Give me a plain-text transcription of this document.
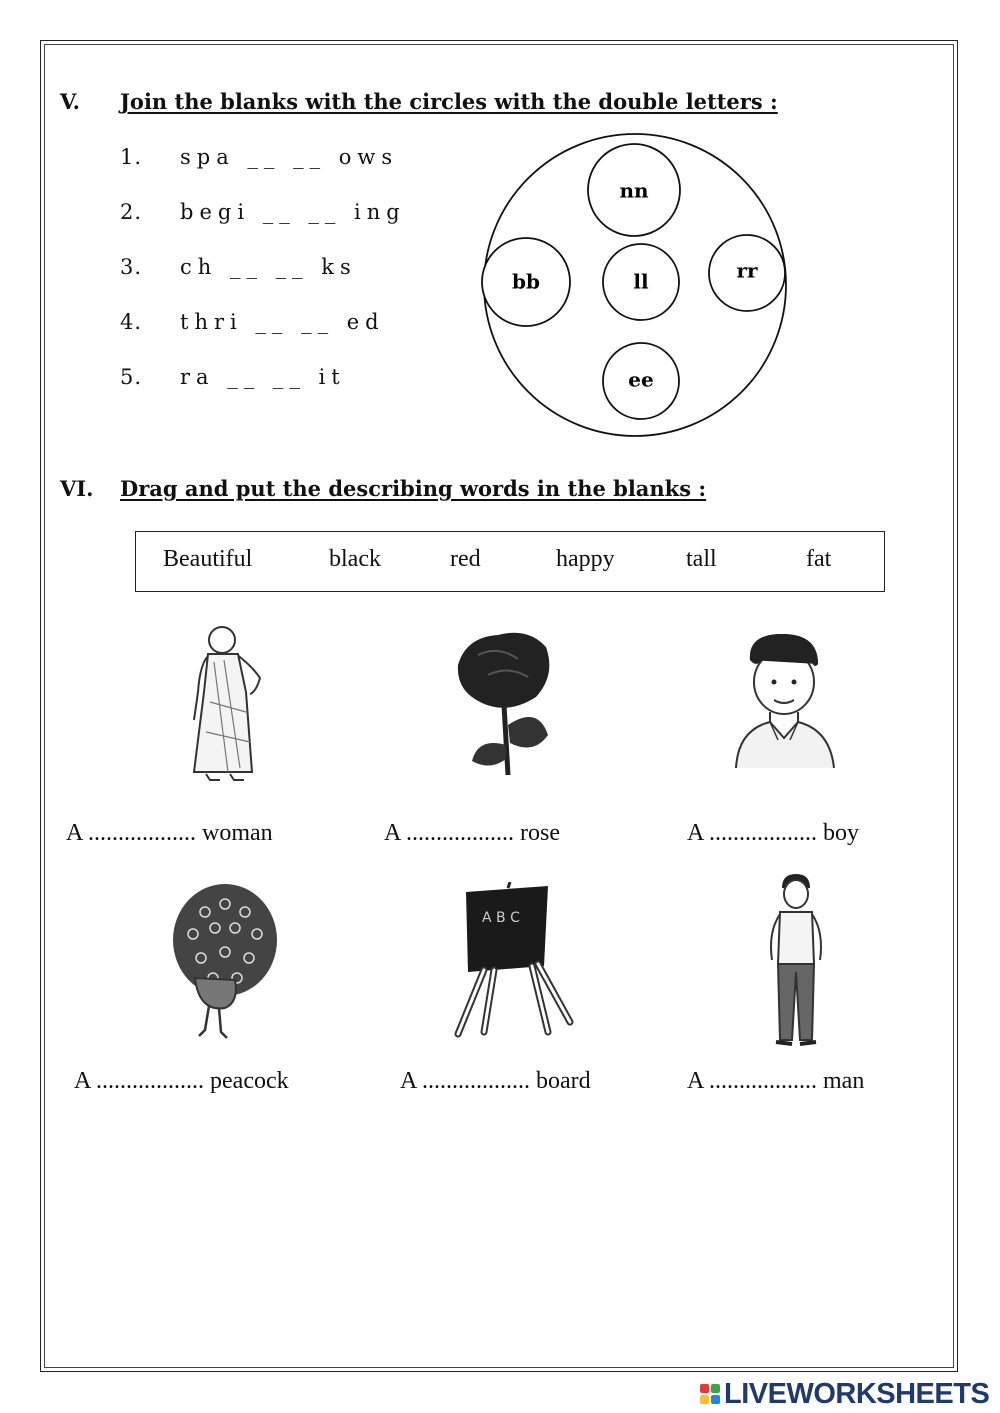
V. Join the blanks with the circles with the double letters :
1. spa __ __ ows
2. begi __ __ ing
3. ch __ __ ks
4. thri __ __ ed
5. ra __ __ it
nn
bb	ll	rr
ee
VI. Drag and put the describing words in the blanks :
Beautiful	black	red	happy	tall	fat
A .................. woman	A .................. rose	A .................. boy
A B C
A .................. peacock	A .................. board	A .................. man
LIVEWORKSHEETS
